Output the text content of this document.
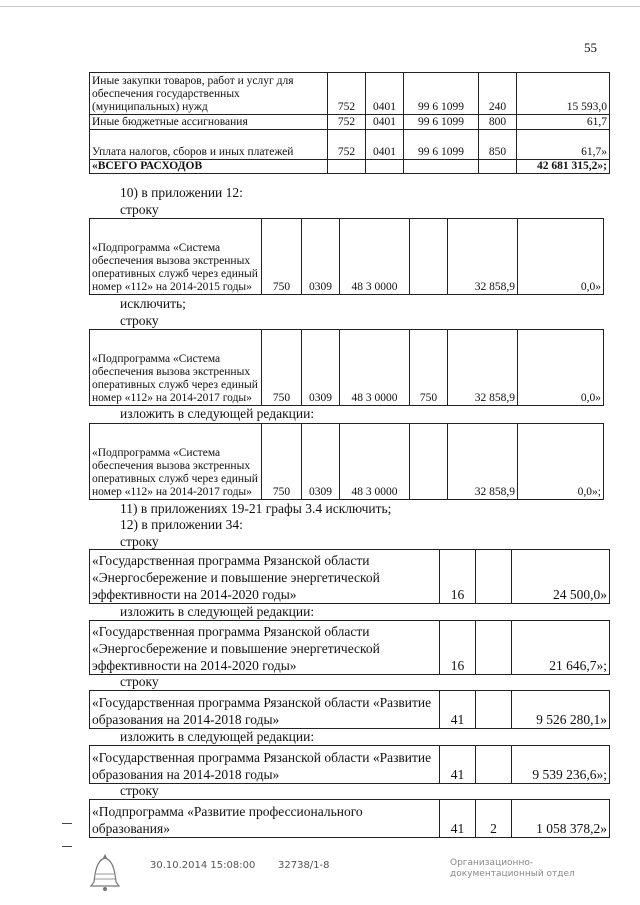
55
Иные закупки товаров, работ и услуг для обеспечения государственных (муниципальных) нужд	752	0401	99 6 1099	240	15 593,0
Иные бюджетные ассигнования	752	0401	99 6 1099	800	61,7
Уплата налогов, сборов и иных платежей	752	0401	99 6 1099	850	61,7»
«ВСЕГО РАСХОДОВ					42 681 315,2»;
10) в приложении 12:
строку
«Подпрограмма «Система обеспечения вызова экстренных оперативных служб через единый номер «112» на 2014-2015 годы»	750	0309	48 3 0000		32 858,9	0,0»
исключить;
строку
«Подпрограмма «Система обеспечения вызова экстренных оперативных служб через единый номер «112» на 2014-2017 годы»	750	0309	48 3 0000	750	32 858,9	0,0»
изложить в следующей редакции:
«Подпрограмма «Система обеспечения вызова экстренных оперативных служб через единый номер «112» на 2014-2017 годы»	750	0309	48 3 0000		32 858,9	0,0»;
11) в приложениях 19-21 графы 3.4 исключить;
12) в приложении 34:
строку
«Государственная программа Рязанской области «Энергосбережение и повышение энергетической эффективности на 2014-2020 годы»	16		24 500,0»
изложить в следующей редакции:
«Государственная программа Рязанской области «Энергосбережение и повышение энергетической эффективности на 2014-2020 годы»	16		21 646,7»;
строку
«Государственная программа Рязанской области «Развитие образования на 2014-2018 годы»	41		9 526 280,1»
изложить в следующей редакции:
«Государственная программа Рязанской области «Развитие образования на 2014-2018 годы»	41		9 539 236,6»;
строку
«Подпрограмма «Развитие профессионального образования»	41	2	1 058 378,2»
30.10.2014 15:08:00 32738/1-8	Организационно-
документационный отдел
